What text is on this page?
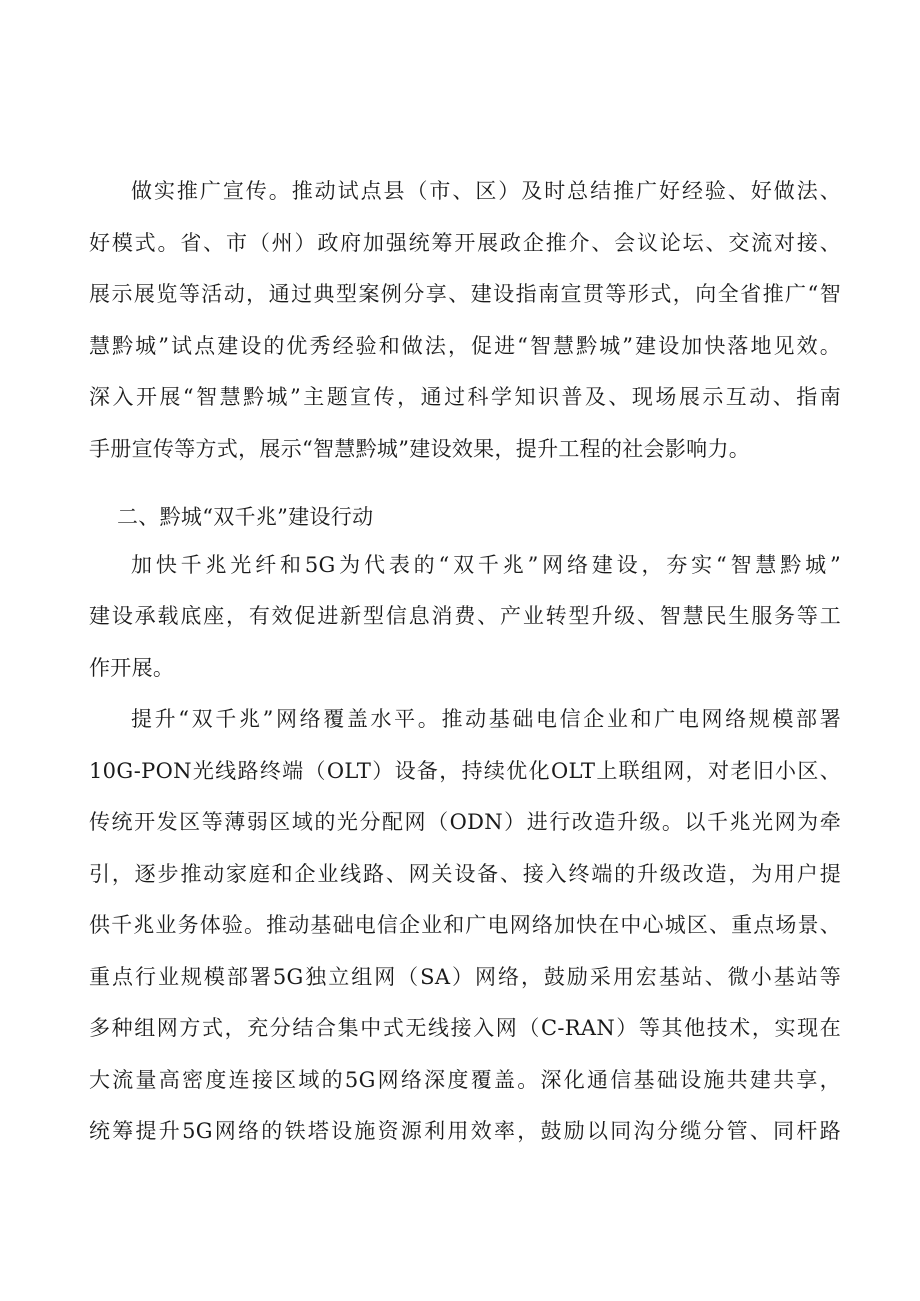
做实推广宣传。推动试点县（市、区）及时总结推广好经验、好做法、
好模式。省、市（州）政府加强统筹开展政企推介、会议论坛、交流对接、
展示展览等活动，通过典型案例分享、建设指南宣贯等形式，向全省推广“智
慧黔城”试点建设的优秀经验和做法，促进“智慧黔城”建设加快落地见效。
深入开展“智慧黔城”主题宣传，通过科学知识普及、现场展示互动、指南
手册宣传等方式，展示“智慧黔城”建设效果，提升工程的社会影响力。
二、黔城“双千兆”建设行动
加快千兆光纤和5G为代表的“双千兆”网络建设，夯实“智慧黔城”
建设承载底座，有效促进新型信息消费、产业转型升级、智慧民生服务等工
作开展。
提升“双千兆”网络覆盖水平。推动基础电信企业和广电网络规模部署
10G-PON光线路终端（OLT）设备，持续优化OLT上联组网，对老旧小区、
传统开发区等薄弱区域的光分配网（ODN）进行改造升级。以千兆光网为牵
引，逐步推动家庭和企业线路、网关设备、接入终端的升级改造，为用户提
供千兆业务体验。推动基础电信企业和广电网络加快在中心城区、重点场景、
重点行业规模部署5G独立组网（SA）网络，鼓励采用宏基站、微小基站等
多种组网方式，充分结合集中式无线接入网（C-RAN）等其他技术，实现在
大流量高密度连接区域的5G网络深度覆盖。深化通信基础设施共建共享，
统筹提升5G网络的铁塔设施资源利用效率，鼓励以同沟分缆分管、同杆路
